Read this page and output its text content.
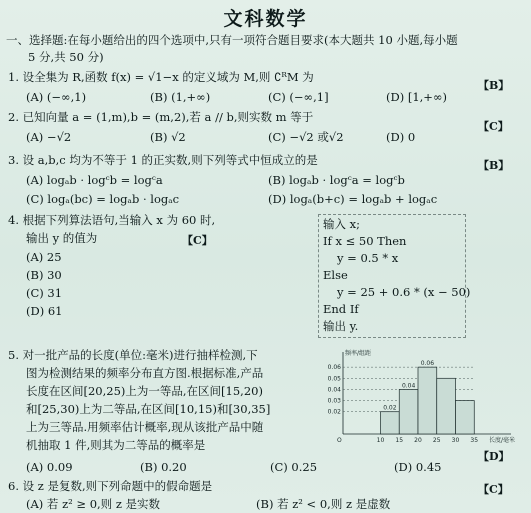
文科数学
一、选择题:在每小题给出的四个选项中,只有一项符合题目要求(本大题共 10 小题,每小题
5 分,共 50 分)
1. 设全集为 R,函数 f(x) = √1−x 的定义域为 M,则 ∁ᴿM 为
【B】
(A) (−∞,1)	(B) (1,+∞)	(C) (−∞,1]	(D) [1,+∞)
2. 已知向量 a = (1,m),b = (m,2),若 a // b,则实数 m 等于
【C】
(A) −√2	(B) √2	(C) −√2 或√2	(D) 0
3. 设 a,b,c 均为不等于 1 的正实数,则下列等式中恒成立的是	【B】
(A) logₐb · logᶜb = logᶜa	(B) logₐb · logᶜa = logᶜb
(C) logₐ(bc) = logₐb · logₐc	(D) logₐ(b+c) = logₐb + logₐc
4. 根据下列算法语句,当输入 x 为 60 时,
输出 y 的值为	【C】
(A) 25
(B) 30
(C) 31
(D) 61
输入 x;
If x ≤ 50 Then
y = 0.5 * x
Else
y = 25 + 0.6 * (x − 50)
End If
输出 y.
5. 对一批产品的长度(单位:毫米)进行抽样检测,下
图为检测结果的频率分布直方图.根据标准,产品
长度在区间[20,25)上为一等品,在区间[15,20)
和[25,30)上为二等品,在区间[10,15)和[30,35]
上为三等品.用频率估计概率,现从该批产品中随
机抽取 1 件,则其为二等品的概率是
【D】
(A) 0.09	(B) 0.20	(C) 0.25	(D) 0.45
6. 设 z 是复数,则下列命题中的假命题是	【C】
(A) 若 z² ≥ 0,则 z 是实数	(B) 若 z² < 0,则 z 是虚数
0.02
0.03
0.04
0.05
0.06
0.02
0.04
0.06
10 15 20 25 30 35
O	长度/毫米
频率/组距
